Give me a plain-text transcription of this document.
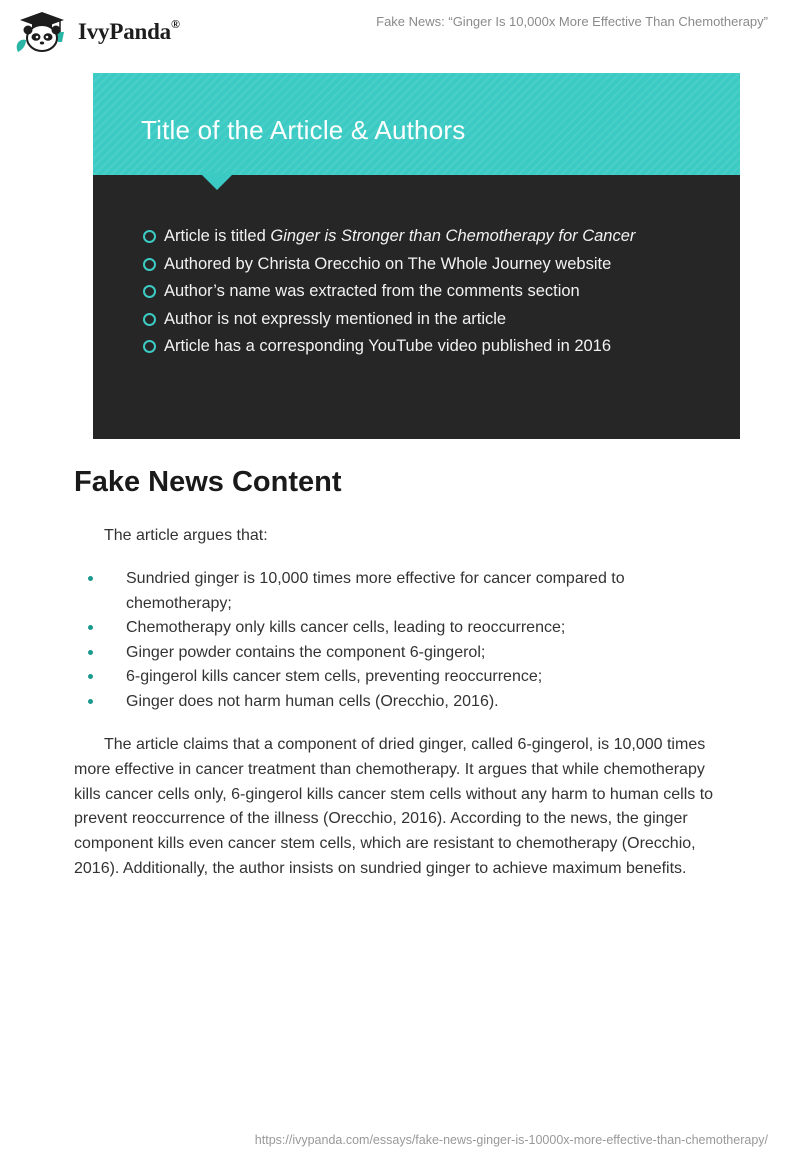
IvyPanda®	Fake News: “Ginger Is 10,000x More Effective Than Chemotherapy”
Title of the Article & Authors
Article is titled Ginger is Stronger than Chemotherapy for Cancer
Authored by Christa Orecchio on The Whole Journey website
Author’s name was extracted from the comments section
Author is not expressly mentioned in the article
Article has a corresponding YouTube video published in 2016
Fake News Content

The article argues that:

Sundried ginger is 10,000 times more effective for cancer compared to chemotherapy;
Chemotherapy only kills cancer cells, leading to reoccurrence;
Ginger powder contains the component 6-gingerol;
6-gingerol kills cancer stem cells, preventing reoccurrence;
Ginger does not harm human cells (Orecchio, 2016).

The article claims that a component of dried ginger, called 6-gingerol, is 10,000 times more effective in cancer treatment than chemotherapy. It argues that while chemotherapy kills cancer cells only, 6-gingerol kills cancer stem cells without any harm to human cells to prevent reoccurrence of the illness (Orecchio, 2016). According to the news, the ginger component kills even cancer stem cells, which are resistant to chemotherapy (Orecchio, 2016). Additionally, the author insists on sundried ginger to achieve maximum benefits.

https://ivypanda.com/essays/fake-news-ginger-is-10000x-more-effective-than-chemotherapy/
